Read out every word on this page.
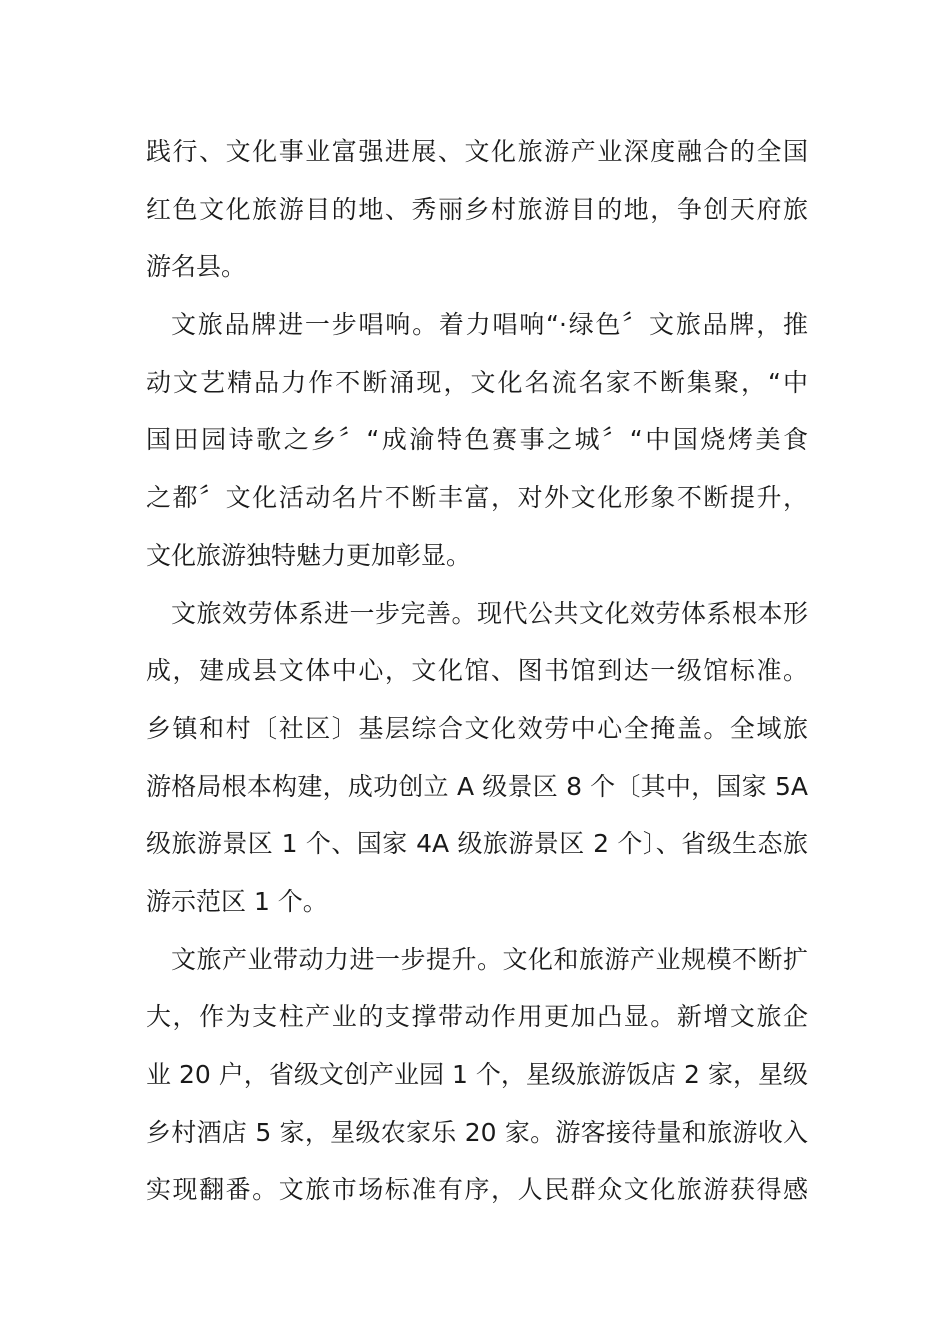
践行、文化事业富强进展、文化旅游产业深度融合的全国
红色文化旅游目的地、秀丽乡村旅游目的地，争创天府旅
游名县。
文旅品牌进一步唱响。着力唱响“·绿色〞文旅品牌，推
动文艺精品力作不断涌现，文化名流名家不断集聚，“中
国田园诗歌之乡〞“成渝特色赛事之城〞“中国烧烤美食
之都〞文化活动名片不断丰富，对外文化形象不断提升，
文化旅游独特魅力更加彰显。
文旅效劳体系进一步完善。现代公共文化效劳体系根本形
成，建成县文体中心，文化馆、图书馆到达一级馆标准。
乡镇和村〔社区〕基层综合文化效劳中心全掩盖。全域旅
游格局根本构建，成功创立 A 级景区 8 个〔其中，国家 5A
级旅游景区 1 个、国家 4A 级旅游景区 2 个〕、省级生态旅
游示范区 1 个。
文旅产业带动力进一步提升。文化和旅游产业规模不断扩
大，作为支柱产业的支撑带动作用更加凸显。新增文旅企
业 20 户，省级文创产业园 1 个，星级旅游饭店 2 家，星级
乡村酒店 5 家，星级农家乐 20 家。游客接待量和旅游收入
实现翻番。文旅市场标准有序，人民群众文化旅游获得感
